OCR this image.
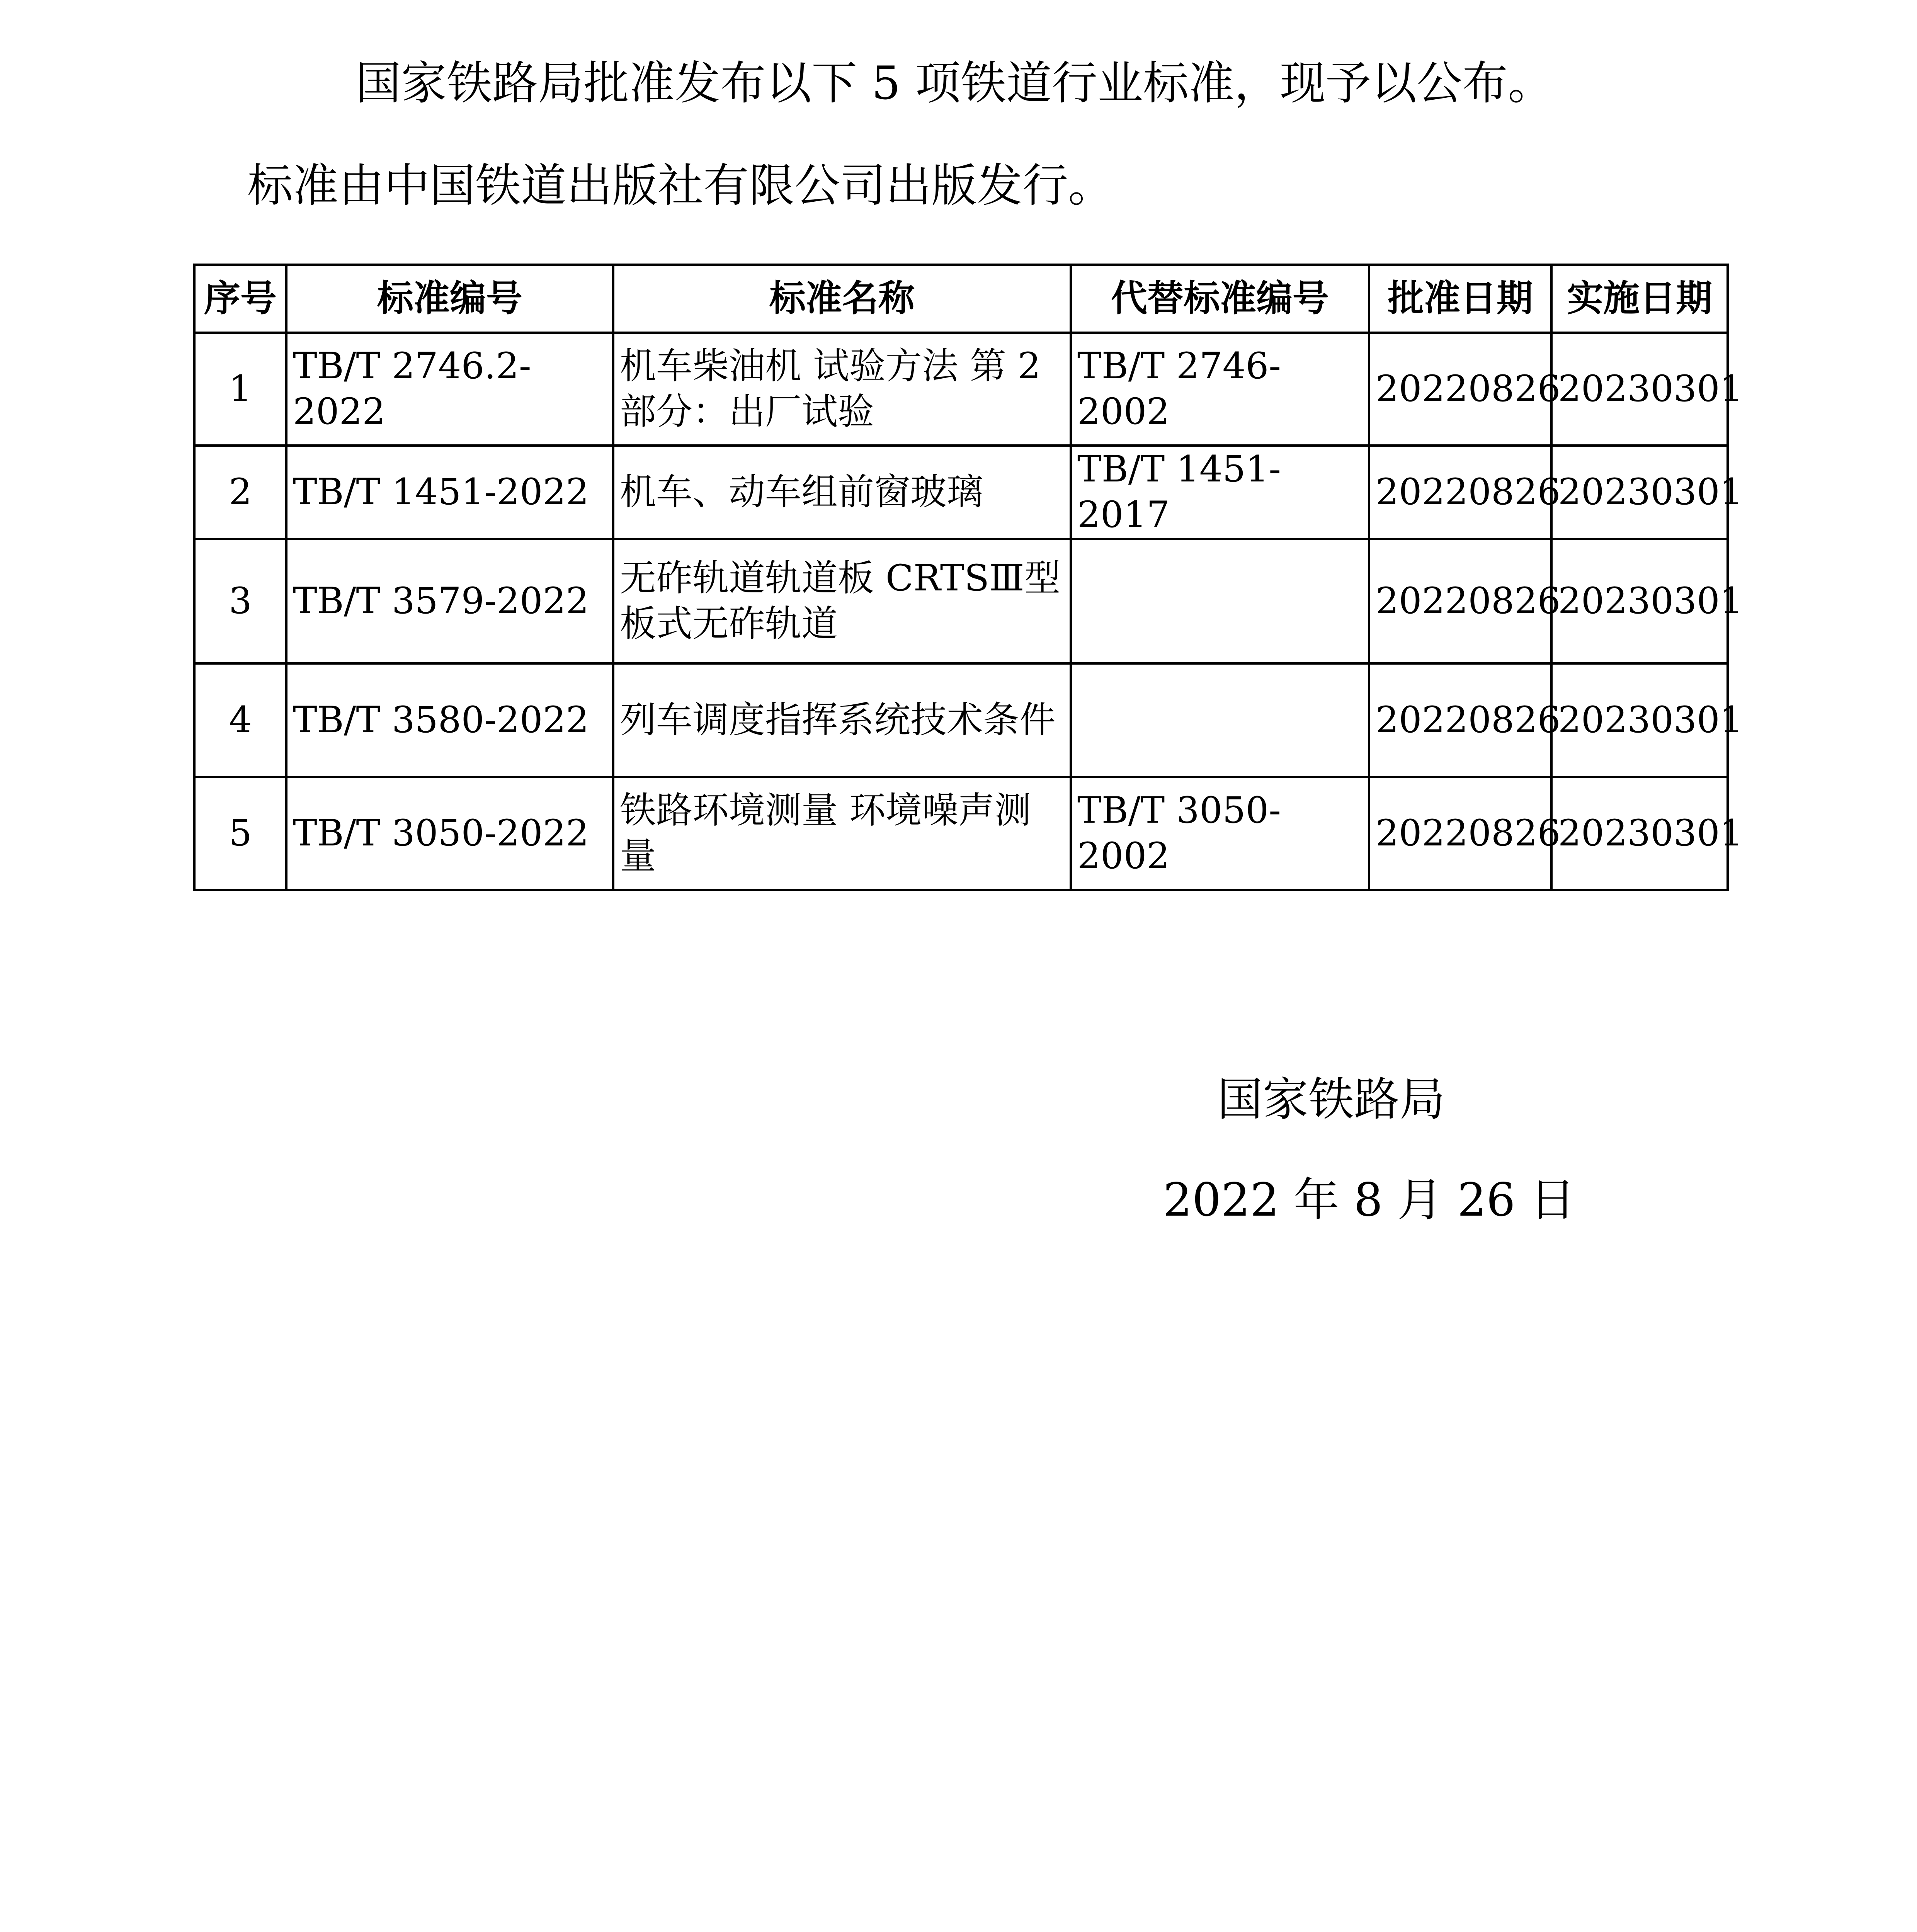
国家铁路局批准发布以下 5 项铁道行业标准，现予以公布。

标准由中国铁道出版社有限公司出版发行。

序号	标准编号	标准名称	代替标准编号	批准日期	实施日期
1	TB/T 2746.2-2022	机车柴油机 试验方法 第 2 部分：出厂试验	TB/T 2746-2002	20220826	20230301
2	TB/T 1451-2022	机车、动车组前窗玻璃	TB/T 1451-2017	20220826	20230301
3	TB/T 3579-2022	无砟轨道轨道板 CRTSⅢ型板式无砟轨道		20220826	20230301
4	TB/T 3580-2022	列车调度指挥系统技术条件		20220826	20230301
5	TB/T 3050-2022	铁路环境测量 环境噪声测量	TB/T 3050-2002	20220826	20230301
国家铁路局
2022 年 8 月 26 日
